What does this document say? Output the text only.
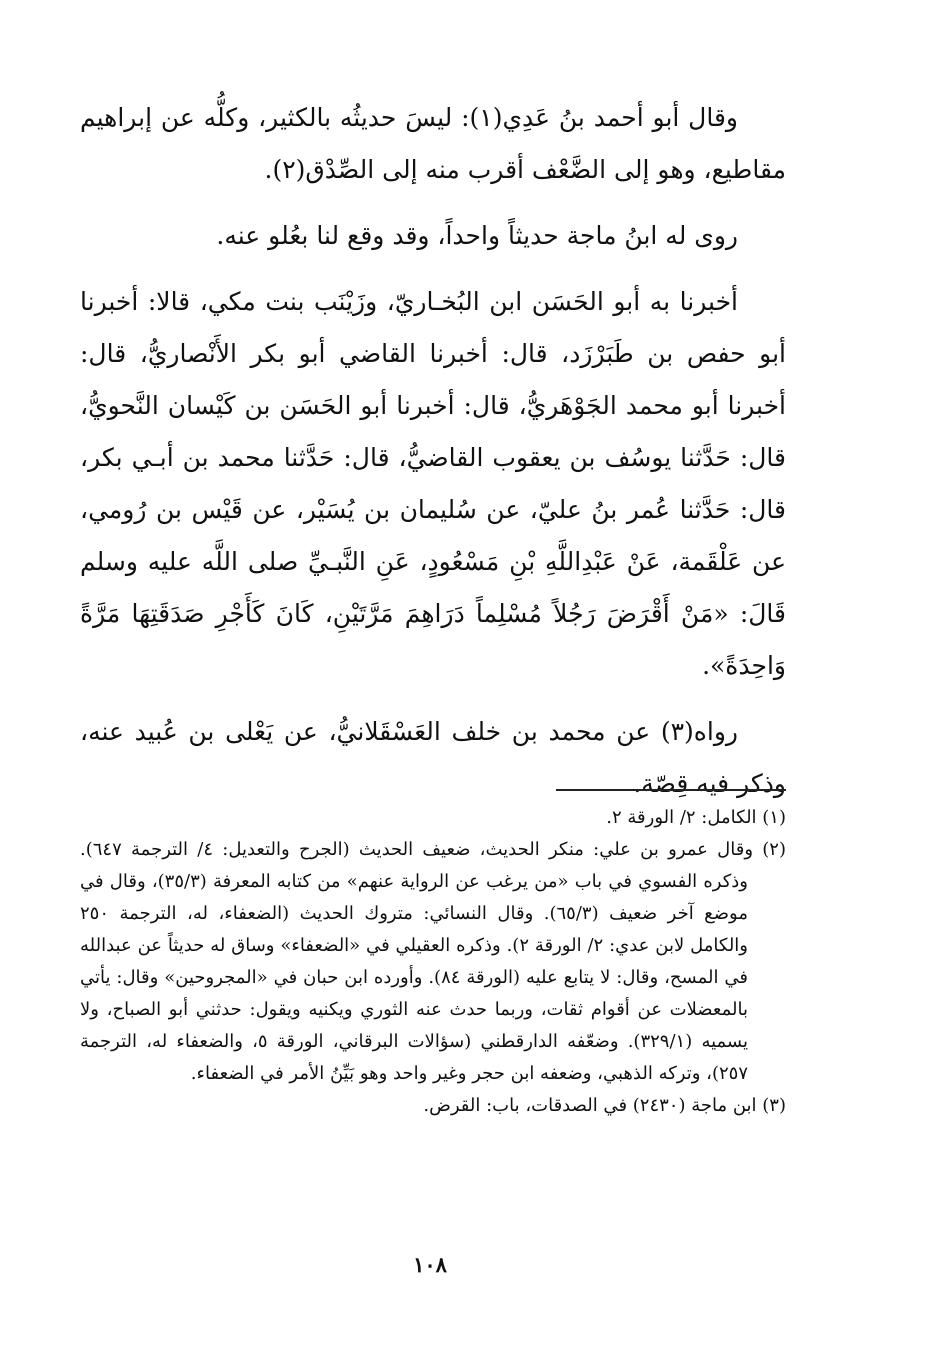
وقال أبو أحمد بنُ عَدِي(١): ليسَ حديثُه بالكثير، وكلُّه عن إبراهيم مقاطيع، وهو إلى الضَّعْف أقرب منه إلى الصِّدْق(٢).

روى له ابنُ ماجة حديثاً واحداً، وقد وقع لنا بعُلو عنه.

أخبرنا به أبو الحَسَن ابن البُخـاريّ، وزَيْنَب بنت مكي، قالا: أخبرنا أبو حفص بن طَبَرْزَد، قال: أخبرنا القاضي أبو بكر الأَنْصاريُّ، قال: أخبرنا أبو محمد الجَوْهَريُّ، قال: أخبرنا أبو الحَسَن بن كَيْسان النَّحويُّ، قال: حَدَّثنا يوسُف بن يعقوب القاضيُّ، قال: حَدَّثنا محمد بن أبـي بكر، قال: حَدَّثنا عُمر بنُ عليّ، عن سُليمان بن يُسَيْر، عن قَيْس بن رُومي، عن عَلْقَمة، عَنْ عَبْدِاللَّهِ بْنِ مَسْعُودٍ، عَنِ النَّبـيِّ صلى اللَّه عليه وسلم قَالَ: «مَنْ أَقْرَضَ رَجُلاً مُسْلِماً دَرَاهِمَ مَرَّتَيْنِ، كَانَ كَأَجْرِ صَدَقَتِهَا مَرَّةً وَاحِدَةً».

رواه(٣) عن محمد بن خلف العَسْقَلانيُّ، عن يَعْلى بن عُبيد عنه، وذكر فيه قِصّة.

(١) الكامل: ٢/ الورقة ٢.

(٢) وقال عمرو بن علي: منكر الحديث، ضعيف الحديث (الجرح والتعديل: ٤/ الترجمة ٦٤٧). وذكره الفسوي في باب «من يرغب عن الرواية عنهم» من كتابه المعرفة (٣٥/٣)، وقال في موضع آخر ضعيف (٦٥/٣). وقال النسائي: متروك الحديث (الضعفاء، له، الترجمة ٢٥٠ والكامل لابن عدي: ٢/ الورقة ٢). وذكره العقيلي في «الضعفاء» وساق له حديثاً عن عبدالله في المسح، وقال: لا يتابع عليه (الورقة ٨٤). وأورده ابن حبان في «المجروحين» وقال: يأتي بالمعضلات عن أقوام ثقات، وربما حدث عنه الثوري ويكنيه ويقول: حدثني أبو الصباح، ولا يسميه (٣٢٩/١). وضعّفه الدارقطني (سؤالات البرقاني، الورقة ٥، والضعفاء له، الترجمة ٢٥٧)، وتركه الذهبي، وضعفه ابن حجر وغير واحد وهو بَيِّنُ الأمر في الضعفاء.

(٣) ابن ماجة (٢٤٣٠) في الصدقات، باب: القرض.

١٠٨
